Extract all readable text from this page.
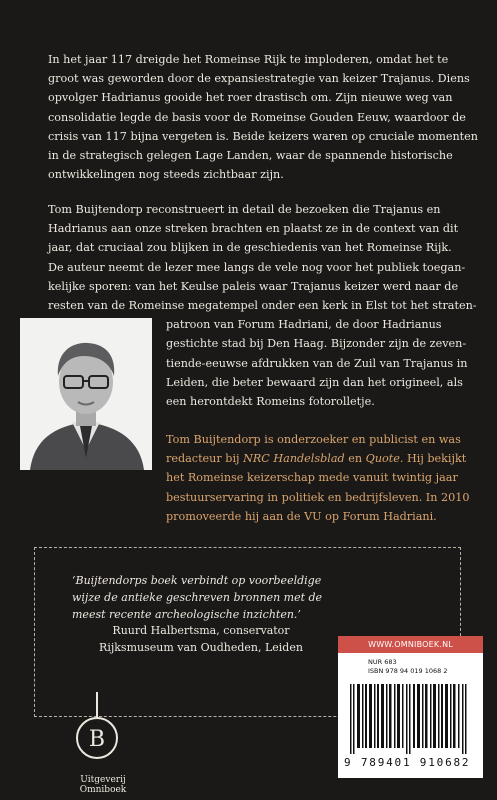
In het jaar 117 dreigde het Romeinse Rijk te imploderen, omdat het te
groot was geworden door de expansiestrategie van keizer Trajanus. Diens
opvolger Hadrianus gooide het roer drastisch om. Zijn nieuwe weg van
consolidatie legde de basis voor de Romeinse Gouden Eeuw, waardoor de
crisis van 117 bijna vergeten is. Beide keizers waren op cruciale momenten
in de strategisch gelegen Lage Landen, waar de spannende historische
ontwikkelingen nog steeds zichtbaar zijn.
Tom Buijtendorp reconstrueert in detail de bezoeken die Trajanus en
Hadrianus aan onze streken brachten en plaatst ze in de context van dit
jaar, dat cruciaal zou blijken in de geschiedenis van het Romeinse Rijk.
De auteur neemt de lezer mee langs de vele nog voor het publiek toegan-
kelijke sporen: van het Keulse paleis waar Trajanus keizer werd naar de
resten van de Romeinse megatempel onder een kerk in Elst tot het straten-
patroon van Forum Hadriani, de door Hadrianus
gestichte stad bij Den Haag. Bijzonder zijn de zeven-
tiende-eeuwse afdrukken van de Zuil van Trajanus in
Leiden, die beter bewaard zijn dan het origineel, als
een herontdekt Romeins fotorolletje.

Tom Buijtendorp is onderzoeker en publicist en was
redacteur bij NRC Handelsblad en Quote. Hij bekijkt
het Romeinse keizerschap mede vanuit twintig jaar
bestuurservaring in politiek en bedrijfsleven. In 2010
promoveerde hij aan de VU op Forum Hadriani.

‘Buijtendorps boek verbindt op voorbeeldige
wijze de antieke geschreven bronnen met de
meest recente archeologische inzichten.’

Ruurd Halbertsma, conservator
Rijksmuseum van Oudheden, Leiden	WWW.OMNIBOEK.NL

NUR 683
ISBN 978 94 019 1068 2

9 789401 910682
B
Uitgeverij Omniboek
